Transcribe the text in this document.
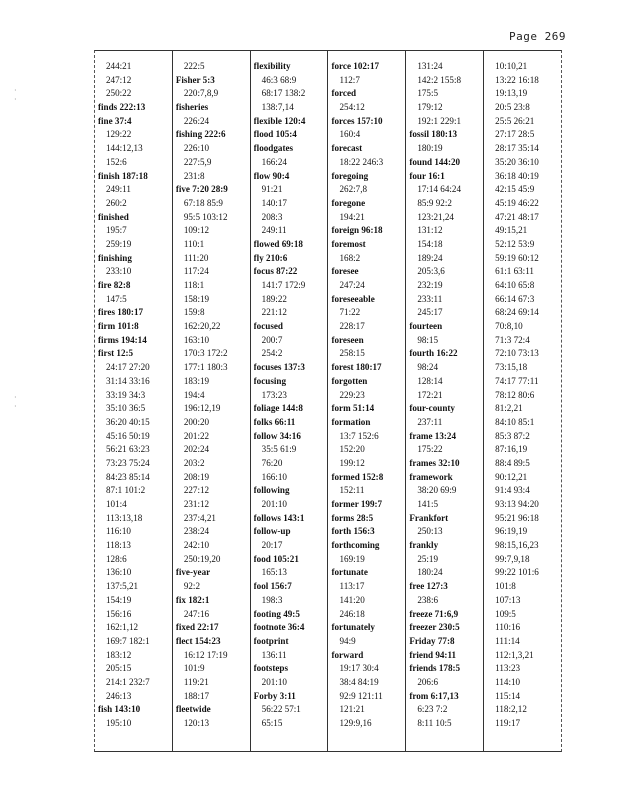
Page 269
·
·
·
·
244:21
247:12
250:22
finds 222:13
fine 37:4
129:22
144:12,13
152:6
finish 187:18
249:11
260:2
finished
195:7
259:19
finishing
233:10
fire 82:8
147:5
fires 180:17
firm 101:8
firms 194:14
first 12:5
24:17 27:20
31:14 33:16
33:19 34:3
35:10 36:5
36:20 40:15
45:16 50:19
56:21 63:23
73:23 75:24
84:23 85:14
87:1 101:2
101:4
113:13,18
116:10
118:13
128:6
136:10
137:5,21
154:19
156:16
162:1,12
169:7 182:1
183:12
205:15
214:1 232:7
246:13
fish 143:10
195:10
222:5
Fisher 5:3
220:7,8,9
fisheries
226:24
fishing 222:6
226:10
227:5,9
231:8
five 7:20 28:9
67:18 85:9
95:5 103:12
109:12
110:1
111:20
117:24
118:1
158:19
159:8
162:20,22
163:10
170:3 172:2
177:1 180:3
183:19
194:4
196:12,19
200:20
201:22
202:24
203:2
208:19
227:12
231:12
237:4,21
238:24
242:10
250:19,20
five-year
92:2
fix 182:1
247:16
fixed 22:17
flect 154:23
16:12 17:19
101:9
119:21
188:17
fleetwide
120:13
flexibility
46:3 68:9
68:17 138:2
138:7,14
flexible 120:4
flood 105:4
floodgates
166:24
flow 90:4
91:21
140:17
208:3
249:11
flowed 69:18
fly 210:6
focus 87:22
141:7 172:9
189:22
221:12
focused
200:7
254:2
focuses 137:3
focusing
173:23
foliage 144:8
folks 66:11
follow 34:16
35:5 61:9
76:20
166:10
following
201:10
follows 143:1
follow-up
20:17
food 105:21
165:13
fool 156:7
198:3
footing 49:5
footnote 36:4
footprint
136:11
footsteps
201:10
Forby 3:11
56:22 57:1
65:15
force 102:17
112:7
forced
254:12
forces 157:10
160:4
forecast
18:22 246:3
foregoing
262:7,8
foregone
194:21
foreign 96:18
foremost
168:2
foresee
247:24
foreseeable
71:22
228:17
foreseen
258:15
forest 180:17
forgotten
229:23
form 51:14
formation
13:7 152:6
152:20
199:12
formed 152:8
152:11
former 199:7
forms 28:5
forth 156:3
forthcoming
169:19
fortunate
113:17
141:20
246:18
fortunately
94:9
forward
19:17 30:4
38:4 84:19
92:9 121:11
121:21
129:9,16
131:24
142:2 155:8
175:5
179:12
192:1 229:1
fossil 180:13
180:19
found 144:20
four 16:1
17:14 64:24
85:9 92:2
123:21,24
131:12
154:18
189:24
205:3,6
232:19
233:11
245:17
fourteen
98:15
fourth 16:22
98:24
128:14
172:21
four-county
237:11
frame 13:24
175:22
frames 32:10
framework
38:20 69:9
141:5
Frankfort
250:13
frankly
25:19
180:24
free 127:3
238:6
freeze 71:6,9
freezer 230:5
Friday 77:8
friend 94:11
friends 178:5
206:6
from 6:17,13
6:23 7:2
8:11 10:5
10:10,21
13:22 16:18
19:13,19
20:5 23:8
25:5 26:21
27:17 28:5
28:17 35:14
35:20 36:10
36:18 40:19
42:15 45:9
45:19 46:22
47:21 48:17
49:15,21
52:12 53:9
59:19 60:12
61:1 63:11
64:10 65:8
66:14 67:3
68:24 69:14
70:8,10
71:3 72:4
72:10 73:13
73:15,18
74:17 77:11
78:12 80:6
81:2,21
84:10 85:1
85:3 87:2
87:16,19
88:4 89:5
90:12,21
91:4 93:4
93:13 94:20
95:21 96:18
96:19,19
98:15,16,23
99:7,9,18
99:22 101:6
101:8
107:13
109:5
110:16
111:14
112:1,3,21
113:23
114:10
115:14
118:2,12
119:17
